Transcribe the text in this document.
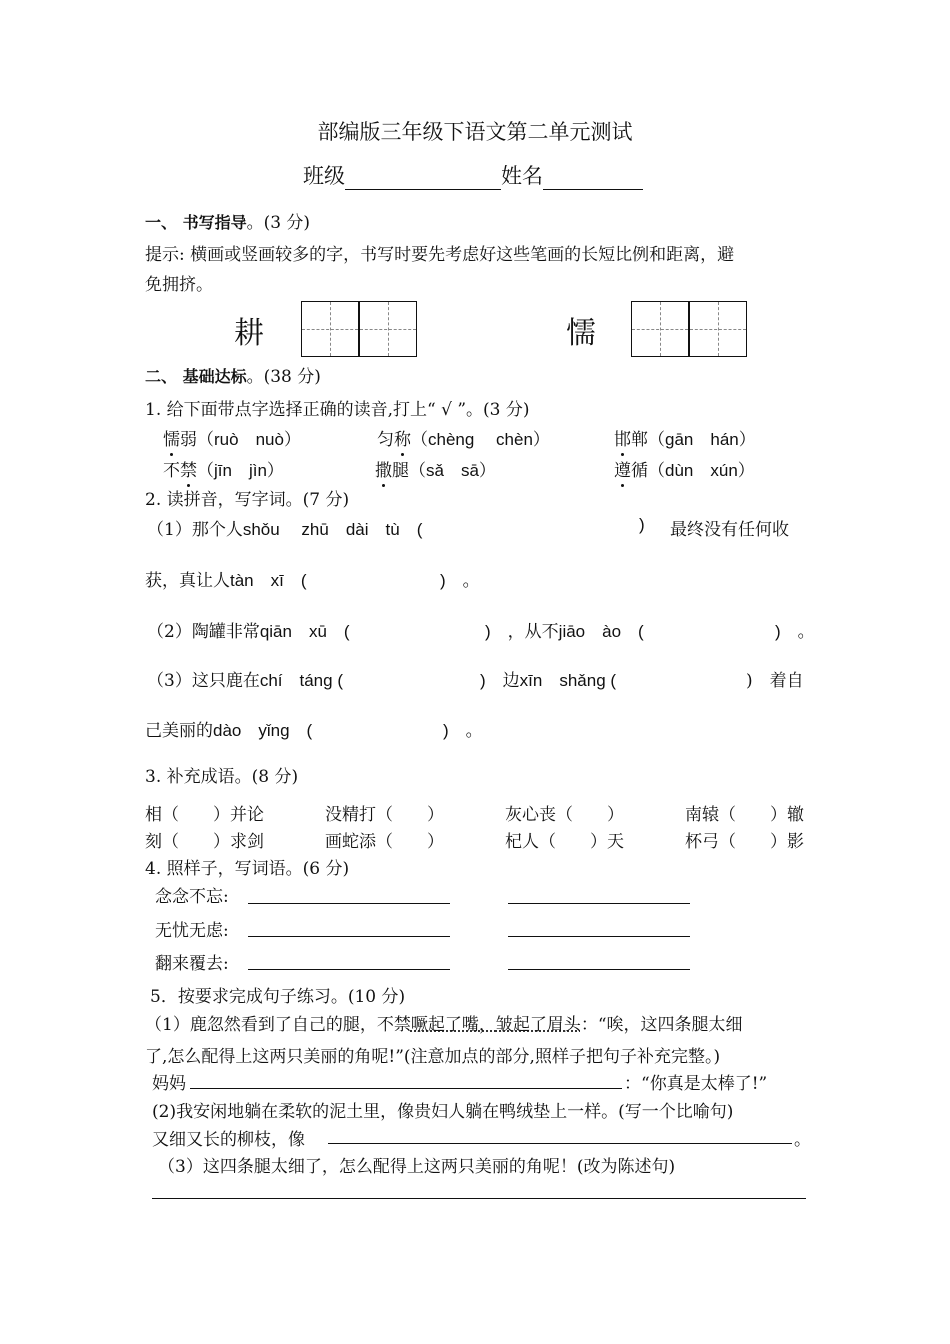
部编版三年级下语文第二单元测试
班级	姓名
一、 书写指导。(3 分)
提示: 横画或竖画较多的字，书写时要先考虑好这些笔画的长短比例和距离，避
免拥挤。
耕	懦
二、 基础达标。(38 分)
1. 给下面带点字选择正确的读音,打上“ √ ”。(3 分)
懦弱（ruò　nuò）	匀称（chèng　 chèn）	邯郸（gān　hán）
不禁（jīn　jìn）	撒腿（sǎ　sā）	遵循（dùn　xún）
2. 读拼音，写字词。(7 分)
（1）那个人shǒu　 zhū　dài　tù　(	) 最终没有任何收
获，真让人tàn　xī　(	)　。
（2）陶罐非常qiān　xū　(	)　，从不jiāo　ào　(	)　。
（3）这只鹿在chí　táng (	)　边xīn　shǎng (	)　着自
己美丽的dào　yǐng　(	)　。
3. 补充成语。(8 分)
相（　　）并论	没精打（　　）	灰心丧（　　）	南辕（　　）辙
刻（　　）求剑	画蛇添（　　）	杞人（　　）天	杯弓（　　）影
4. 照样子，写词语。(6 分)
念念不忘:
无忧无虑:
翻来覆去:
5．按要求完成句子练习。(10 分)
（1）鹿忽然看到了自己的腿，不禁噘起了嘴，皱起了眉头：“唉，这四条腿太细
了,怎么配得上这两只美丽的角呢!”(注意加点的部分,照样子把句子补充完整。)
妈妈	：“你真是太棒了!”
(2)我安闲地躺在柔软的泥土里，像贵妇人躺在鸭绒垫上一样。(写一个比喻句)
又细又长的柳枝，像	。
（3）这四条腿太细了，怎么配得上这两只美丽的角呢！(改为陈述句)
